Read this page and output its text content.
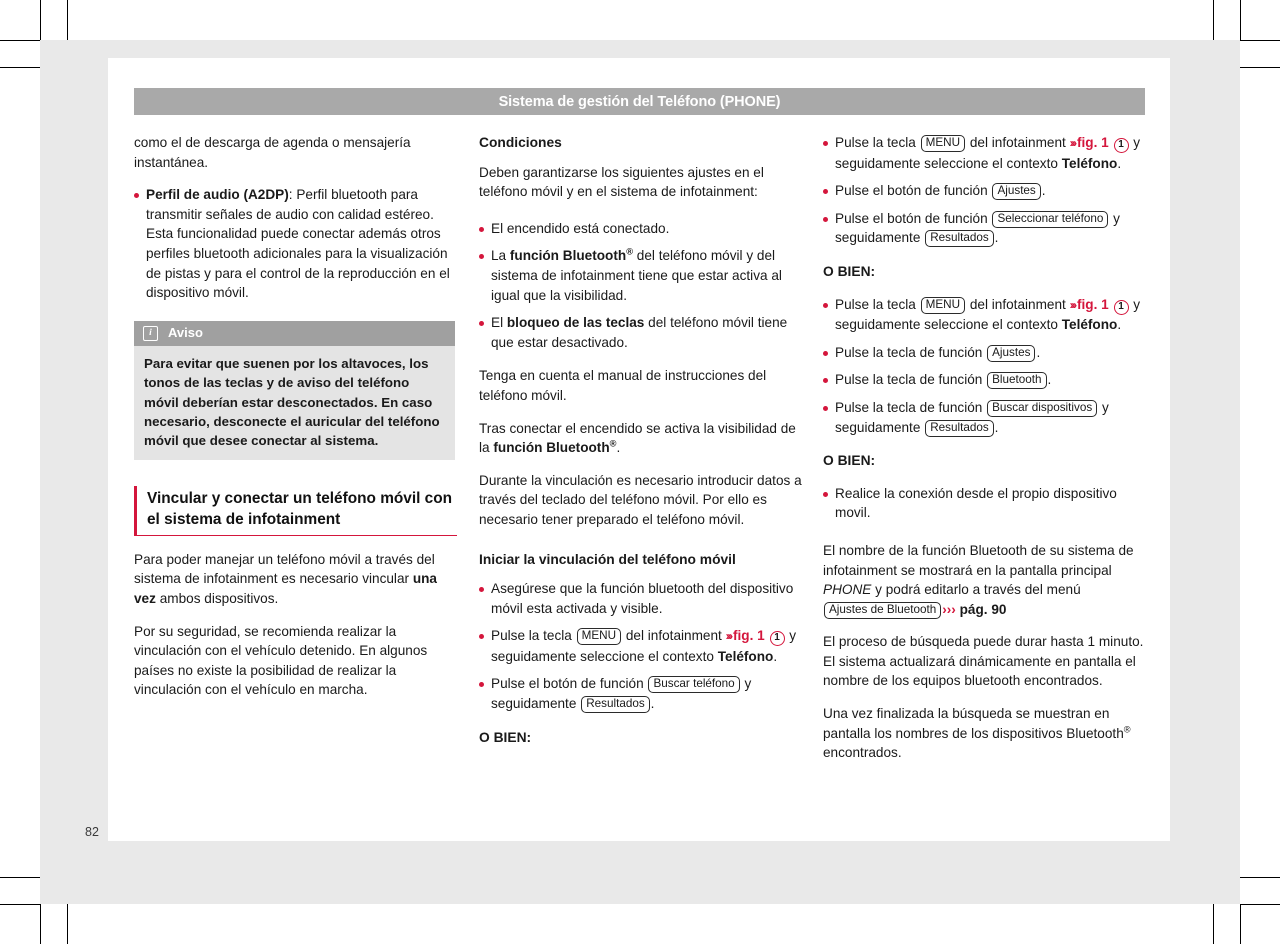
Sistema de gestión del Teléfono (PHONE)
82

como el de descarga de agenda o mensajería instantánea.

Perfil de audio (A2DP): Perfil bluetooth para transmitir señales de audio con calidad estéreo. Esta funcionalidad puede conectar además otros perfiles bluetooth adicionales para la visualización de pistas y para el control de la reproducción en el dispositivo móvil.
i	Aviso
Para evitar que suenen por los altavoces, los tonos de las teclas y de aviso del teléfono móvil deberían estar desconectados. En caso necesario, desconecte el auricular del teléfono móvil que desee conectar al sistema.
Vincular y conectar un teléfono móvil con el sistema de infotainment

Para poder manejar un teléfono móvil a través del sistema de infotainment es necesario vincular una vez ambos dispositivos.

Por su seguridad, se recomienda realizar la vinculación con el vehículo detenido. En algunos países no existe la posibilidad de realizar la vinculación con el vehículo en marcha.

Condiciones

Deben garantizarse los siguientes ajustes en el teléfono móvil y en el sistema de infotainment:

El encendido está conectado.
La función Bluetooth® del teléfono móvil y del sistema de infotainment tiene que estar activa al igual que la visibilidad.
El bloqueo de las teclas del teléfono móvil tiene que estar desactivado.

Tenga en cuenta el manual de instrucciones del teléfono móvil.

Tras conectar el encendido se activa la visibilidad de la función Bluetooth®.

Durante la vinculación es necesario introducir datos a través del teclado del teléfono móvil. Por ello es necesario tener preparado el teléfono móvil.

Iniciar la vinculación del teléfono móvil
Asegúrese que la función bluetooth del dispositivo móvil esta activada y visible.
Pulse la tecla MENU del infotainment ››› fig. 1 1 y seguidamente seleccione el contexto Teléfono.
Pulse el botón de función Buscar teléfono y seguidamente Resultados .
O BIEN:
Pulse la tecla MENU del infotainment ››› fig. 1 1 y seguidamente seleccione el contexto Teléfono.
Pulse el botón de función Ajustes .
Pulse el botón de función Seleccionar teléfono y seguidamente Resultados .
O BIEN:
Pulse la tecla MENU del infotainment ››› fig. 1 1 y seguidamente seleccione el contexto Teléfono.
Pulse la tecla de función Ajustes .
Pulse la tecla de función Bluetooth .
Pulse la tecla de función Buscar dispositivos y seguidamente Resultados .
O BIEN:
Realice la conexión desde el propio dispositivo movil.

El nombre de la función Bluetooth de su sistema de infotainment se mostrará en la pantalla principal PHONE y podrá editarlo a través del menú Ajustes de Bluetooth ››› pág. 90

El proceso de búsqueda puede durar hasta 1 minuto. El sistema actualizará dinámicamente en pantalla el nombre de los equipos bluetooth encontrados.

Una vez finalizada la búsqueda se muestran en pantalla los nombres de los dispositivos Bluetooth® encontrados.
